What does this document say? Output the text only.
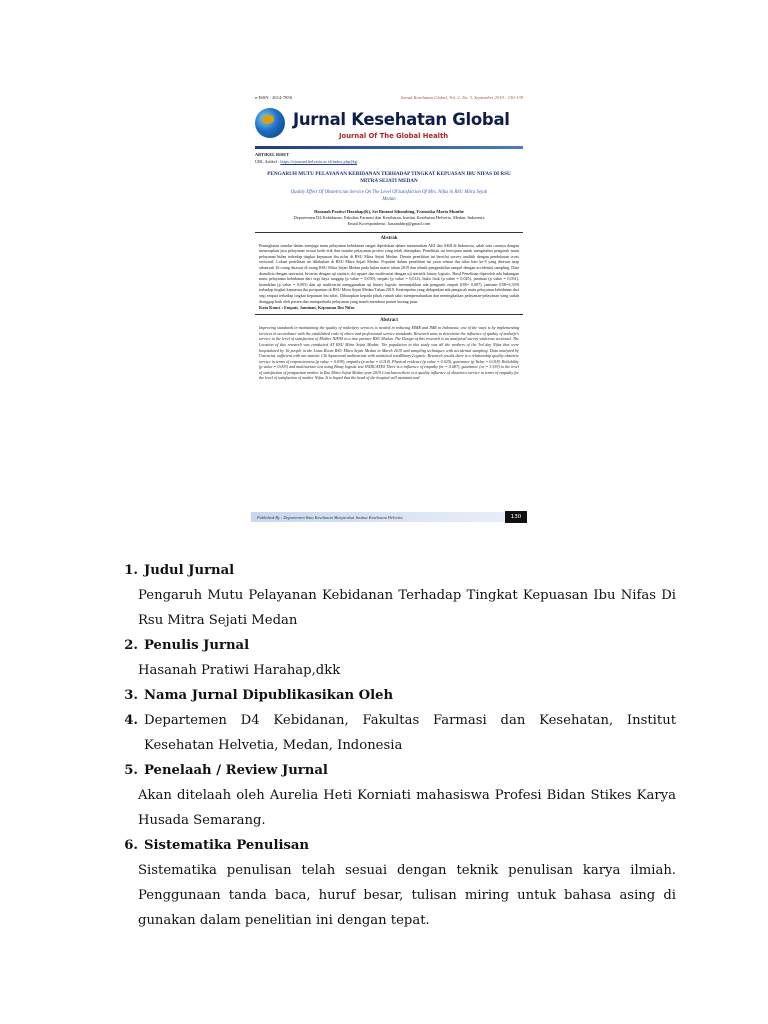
e-ISSN : 2614-7850	Jurnal Kesehatan Global, Vol. 2, No. 3, September 2019 : 130-139
Jurnal Kesehatan Global
Journal Of The Global Health
ARTIKEL RISET
URL Artikel : https://ejournal.helvetia.ac.id/index.php/jkg
PENGARUH MUTU PELAYANAN KEBIDANAN TERHADAP TINGKAT KEPUASAN IBU NIFAS DI RSU MITRA SEJATI MEDAN
Quality Effect Of Obstetrician Service On The Level Of Satisfaction Of Mrs. Nifas in RSU Mitra Sejati Medan
Hasanah Pratiwi Harahap(K), Sri Rintani Sihombing, Fransiska Maria Munthe
Departemen D4 Kebidanan, Fakultas Farmasi dan Kesehatan, Institut Kesehatan Helvetia, Medan, Indonesia
Email Korespondensi: hasanahhrp@gmail.com
Abstrak
Peningkatan standar dalam menjaga mutu pelayanan kebidanan sangat diperlukan dalam menurunkan AKI dan AKB di Indonesia, salah satu caranya dengan menerapkan jasa pelayanan sesuai kode etik dan standar pelayanan profesi yang telah ditetapkan. Penelitian ini bertujuan untuk mengetahui pengaruh mutu pelayanan bidan terhadap tingkat kepuasan ibu nifas di RSU Mitra Sejati Medan. Desain penelitian ini bersifat survey analitik dengan pendekatan cross sectional. Lokasi penelitian ini dilakukan di RSU Mitra Sejati Medan. Populasi dalam penelitian ini yaitu semua ibu nifas hari ke-3 yang dirawat inap sebanyak 16 orang dirawat di ruang RSU Mitra Sejati Medan pada bulan maret tahun 2019 dan teknik pengambilan sampel dengan accidental sampling. Data dianalisis dengan univariat, bivariat dengan uji statistic chi square dan multivariat dengan uji statistik binary logistic. Hasil Penelitian diperoleh ada hubungan mutu pelayanan kebidanan dari segi daya tanggap (p value = 0,039), empati (p value = 0,014), bukti fisik (p value = 0,025), jaminan (p value = 0,031), keandalan (p value = 0,003) dan uji multivariat menggunakan uji binary logistic menunjukkan ada pengaruh empati (OR= 0,087), jaminan (OR=3,339) terhadap tingkat kepuasan ibu postpartum di RSU Mitra Sejati Medan Tahun 2019. Kesimpulan yang didapatkan ada pengaruh mutu pelayanan kebidanan dari segi empati terhadap tingkat kepuasan ibu nifas. Diharapkan kepada pihak rumah sakit mempertahankan dan meningkatkan pelayanan-pelayanan yang sudah dianggap baik oleh pasien dan memperbaiki pelayanan yang masih membuat pasien kurang puas.
Kata Kunci : Empati, Jaminan, Kepuasan Ibu Nifas
Abstract
Improving standards in maintaining the quality of midwifery services is needed in reducing MMR and IMR in Indonesia, one of the ways is by implementing services in accordance with the established code of ethics and professional service standards. Research aims to determine the influence of quality of midwife's service to the level of satisfaction of Mother NIFAS in a true partner RSU Medan. The Design of this research is an analytical survey withcross sectional. The Location of this research was conducted AT RSU Mitra Sejati Medan. The population in this study was all the mothers of the 3rd day Nifas that were hospitalized by 16 people in the Lotus Room RSU Mitra Sejati Medan in March 2019 and sampling techniques with accidental sampling. Data analyzed by Univariat, sufficient with uni statistic Chi Squareand multivariate with statistical testsBinary Logistic. Research results there is a relationship quality obstetric service in terms of responsiveness (p value = 0.039), empathy (p value = 0.014). Physical evidence (p value = 0.025), guarantee (p Value = 0.018). Reliability (p value = 0.003) and multivariate test using Binay logistic test INDICATES There is a influence of empathy for = 4.087), guarantee (or = 3.339) to the level of satisfaction of postpartum mother in Rsu Mitra Sejati Medan year 2019.Conclusion:there is a quality influence of obstetrics service in terms of empathy for the level of satisfaction of mother Nifas. It is hoped that the head of the hospital will maintain and
Published By : Departemen Ilmu Kesehatan Masyarakat Institut Kesehatan Helvetia	130
1. Judul Jurnal
Pengaruh Mutu Pelayanan Kebidanan Terhadap Tingkat Kepuasan Ibu Nifas Di Rsu Mitra Sejati Medan
2. Penulis Jurnal
Hasanah Pratiwi Harahap,dkk
3. Nama Jurnal Dipublikasikan Oleh
4. Departemen D4 Kebidanan, Fakultas Farmasi dan Kesehatan, Institut Kesehatan Helvetia, Medan, Indonesia
5. Penelaah / Review Jurnal
Akan ditelaah oleh Aurelia Heti Korniati mahasiswa Profesi Bidan Stikes Karya Husada Semarang.
6. Sistematika Penulisan
Sistematika penulisan telah sesuai dengan teknik penulisan karya ilmiah. Penggunaan tanda baca, huruf besar, tulisan miring untuk bahasa asing di gunakan dalam penelitian ini dengan tepat.
